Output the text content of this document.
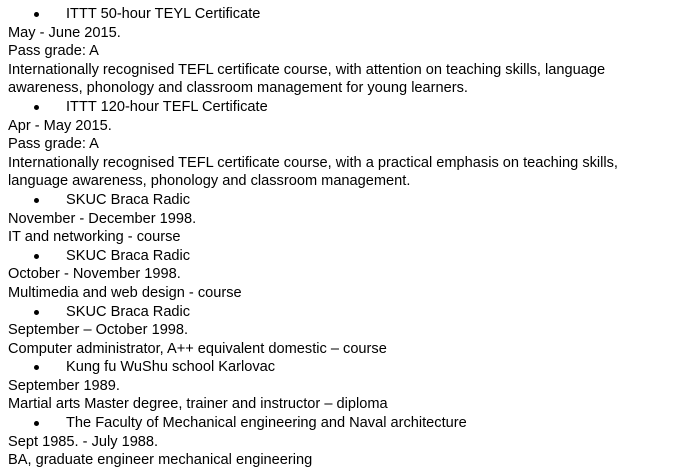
ITTT 50-hour TEYL Certificate
May - June 2015.
Pass grade: A
Internationally recognised TEFL certificate course, with attention on teaching skills, language awareness, phonology and classroom management for young learners.
ITTT 120-hour TEFL Certificate
Apr - May 2015.
Pass grade: A
Internationally recognised TEFL certificate course, with a practical emphasis on teaching skills, language awareness, phonology and classroom management.
SKUC Braca Radic
November - December 1998.
IT and networking - course
SKUC Braca Radic
October - November 1998.
Multimedia and web design - course
SKUC Braca Radic
September – October 1998.
Computer administrator, A++ equivalent domestic – course
Kung fu WuShu school Karlovac
September 1989.
Martial arts Master degree, trainer and instructor – diploma
The Faculty of Mechanical engineering and Naval architecture
Sept 1985. - July 1988.
BA, graduate engineer mechanical engineering
